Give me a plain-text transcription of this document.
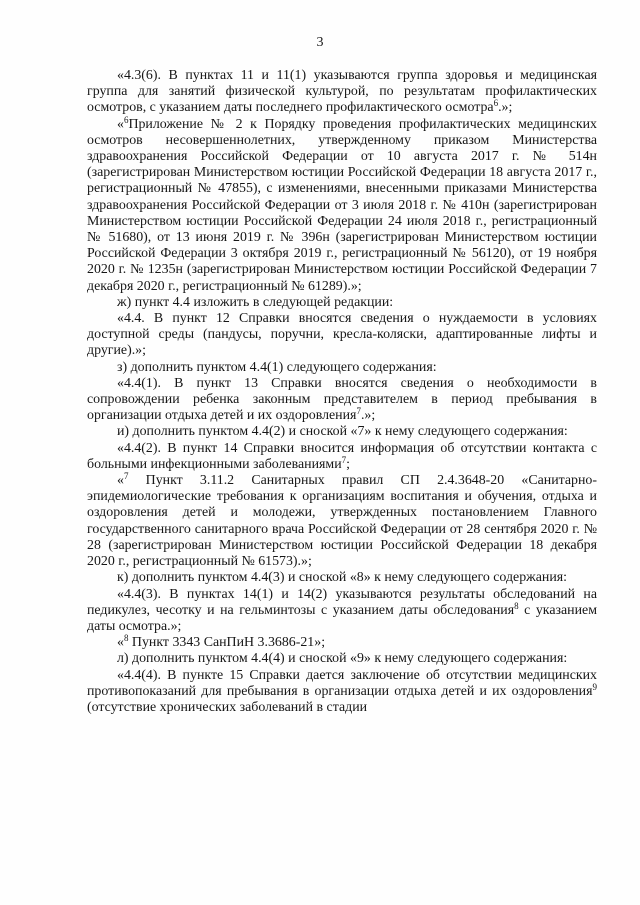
3

«4.3(6). В пунктах 11 и 11(1) указываются группа здоровья и медицинская группа для занятий физической культурой, по результатам профилактических осмотров, с указанием даты последнего профилактического осмотра$^6$.»;

«$^6$Приложение № 2 к Порядку проведения профилактических медицинских осмотров несовершеннолетних, утвержденному приказом Министерства здравоохранения Российской Федерации от 10 августа 2017 г. № 514н (зарегистрирован Министерством юстиции Российской Федерации 18 августа 2017 г., регистрационный № 47855), с изменениями, внесенными приказами Министерства здравоохранения Российской Федерации от 3 июля 2018 г. № 410н (зарегистрирован Министерством юстиции Российской Федерации 24 июля 2018 г., регистрационный № 51680), от 13 июня 2019 г. № 396н (зарегистрирован Министерством юстиции Российской Федерации 3 октября 2019 г., регистрационный № 56120), от 19 ноября 2020 г. № 1235н (зарегистрирован Министерством юстиции Российской Федерации 7 декабря 2020 г., регистрационный № 61289).»;

ж) пункт 4.4 изложить в следующей редакции:

«4.4. В пункт 12 Справки вносятся сведения о нуждаемости в условиях доступной среды (пандусы, поручни, кресла-коляски, адаптированные лифты и другие).»;

з) дополнить пунктом 4.4(1) следующего содержания:

«4.4(1). В пункт 13 Справки вносятся сведения о необходимости в сопровождении ребенка законным представителем в период пребывания в организации отдыха детей и их оздоровления$^7$.»;

и) дополнить пунктом 4.4(2) и сноской «7» к нему следующего содержания:

«4.4(2). В пункт 14 Справки вносится информация об отсутствии контакта с больными инфекционными заболеваниями$^7$;

«$^7$ Пункт 3.11.2 Санитарных правил СП 2.4.3648-20 «Санитарно-эпидемиологические требования к организациям воспитания и обучения, отдыха и оздоровления детей и молодежи, утвержденных постановлением Главного государственного санитарного врача Российской Федерации от 28 сентября 2020 г. № 28 (зарегистрирован Министерством юстиции Российской Федерации 18 декабря 2020 г., регистрационный № 61573).»;

к) дополнить пунктом 4.4(3) и сноской «8» к нему следующего содержания:

«4.4(3). В пунктах 14(1) и 14(2) указываются результаты обследований на педикулез, чесотку и на гельминтозы с указанием даты обследования$^8$ с указанием даты осмотра.»;

«$^8$ Пункт 3343 СанПиН 3.3686-21»;

л) дополнить пунктом 4.4(4) и сноской «9» к нему следующего содержания:

«4.4(4). В пункте 15 Справки дается заключение об отсутствии медицинских противопоказаний для пребывания в организации отдыха детей и их оздоровления$^9$ (отсутствие хронических заболеваний в стадии
